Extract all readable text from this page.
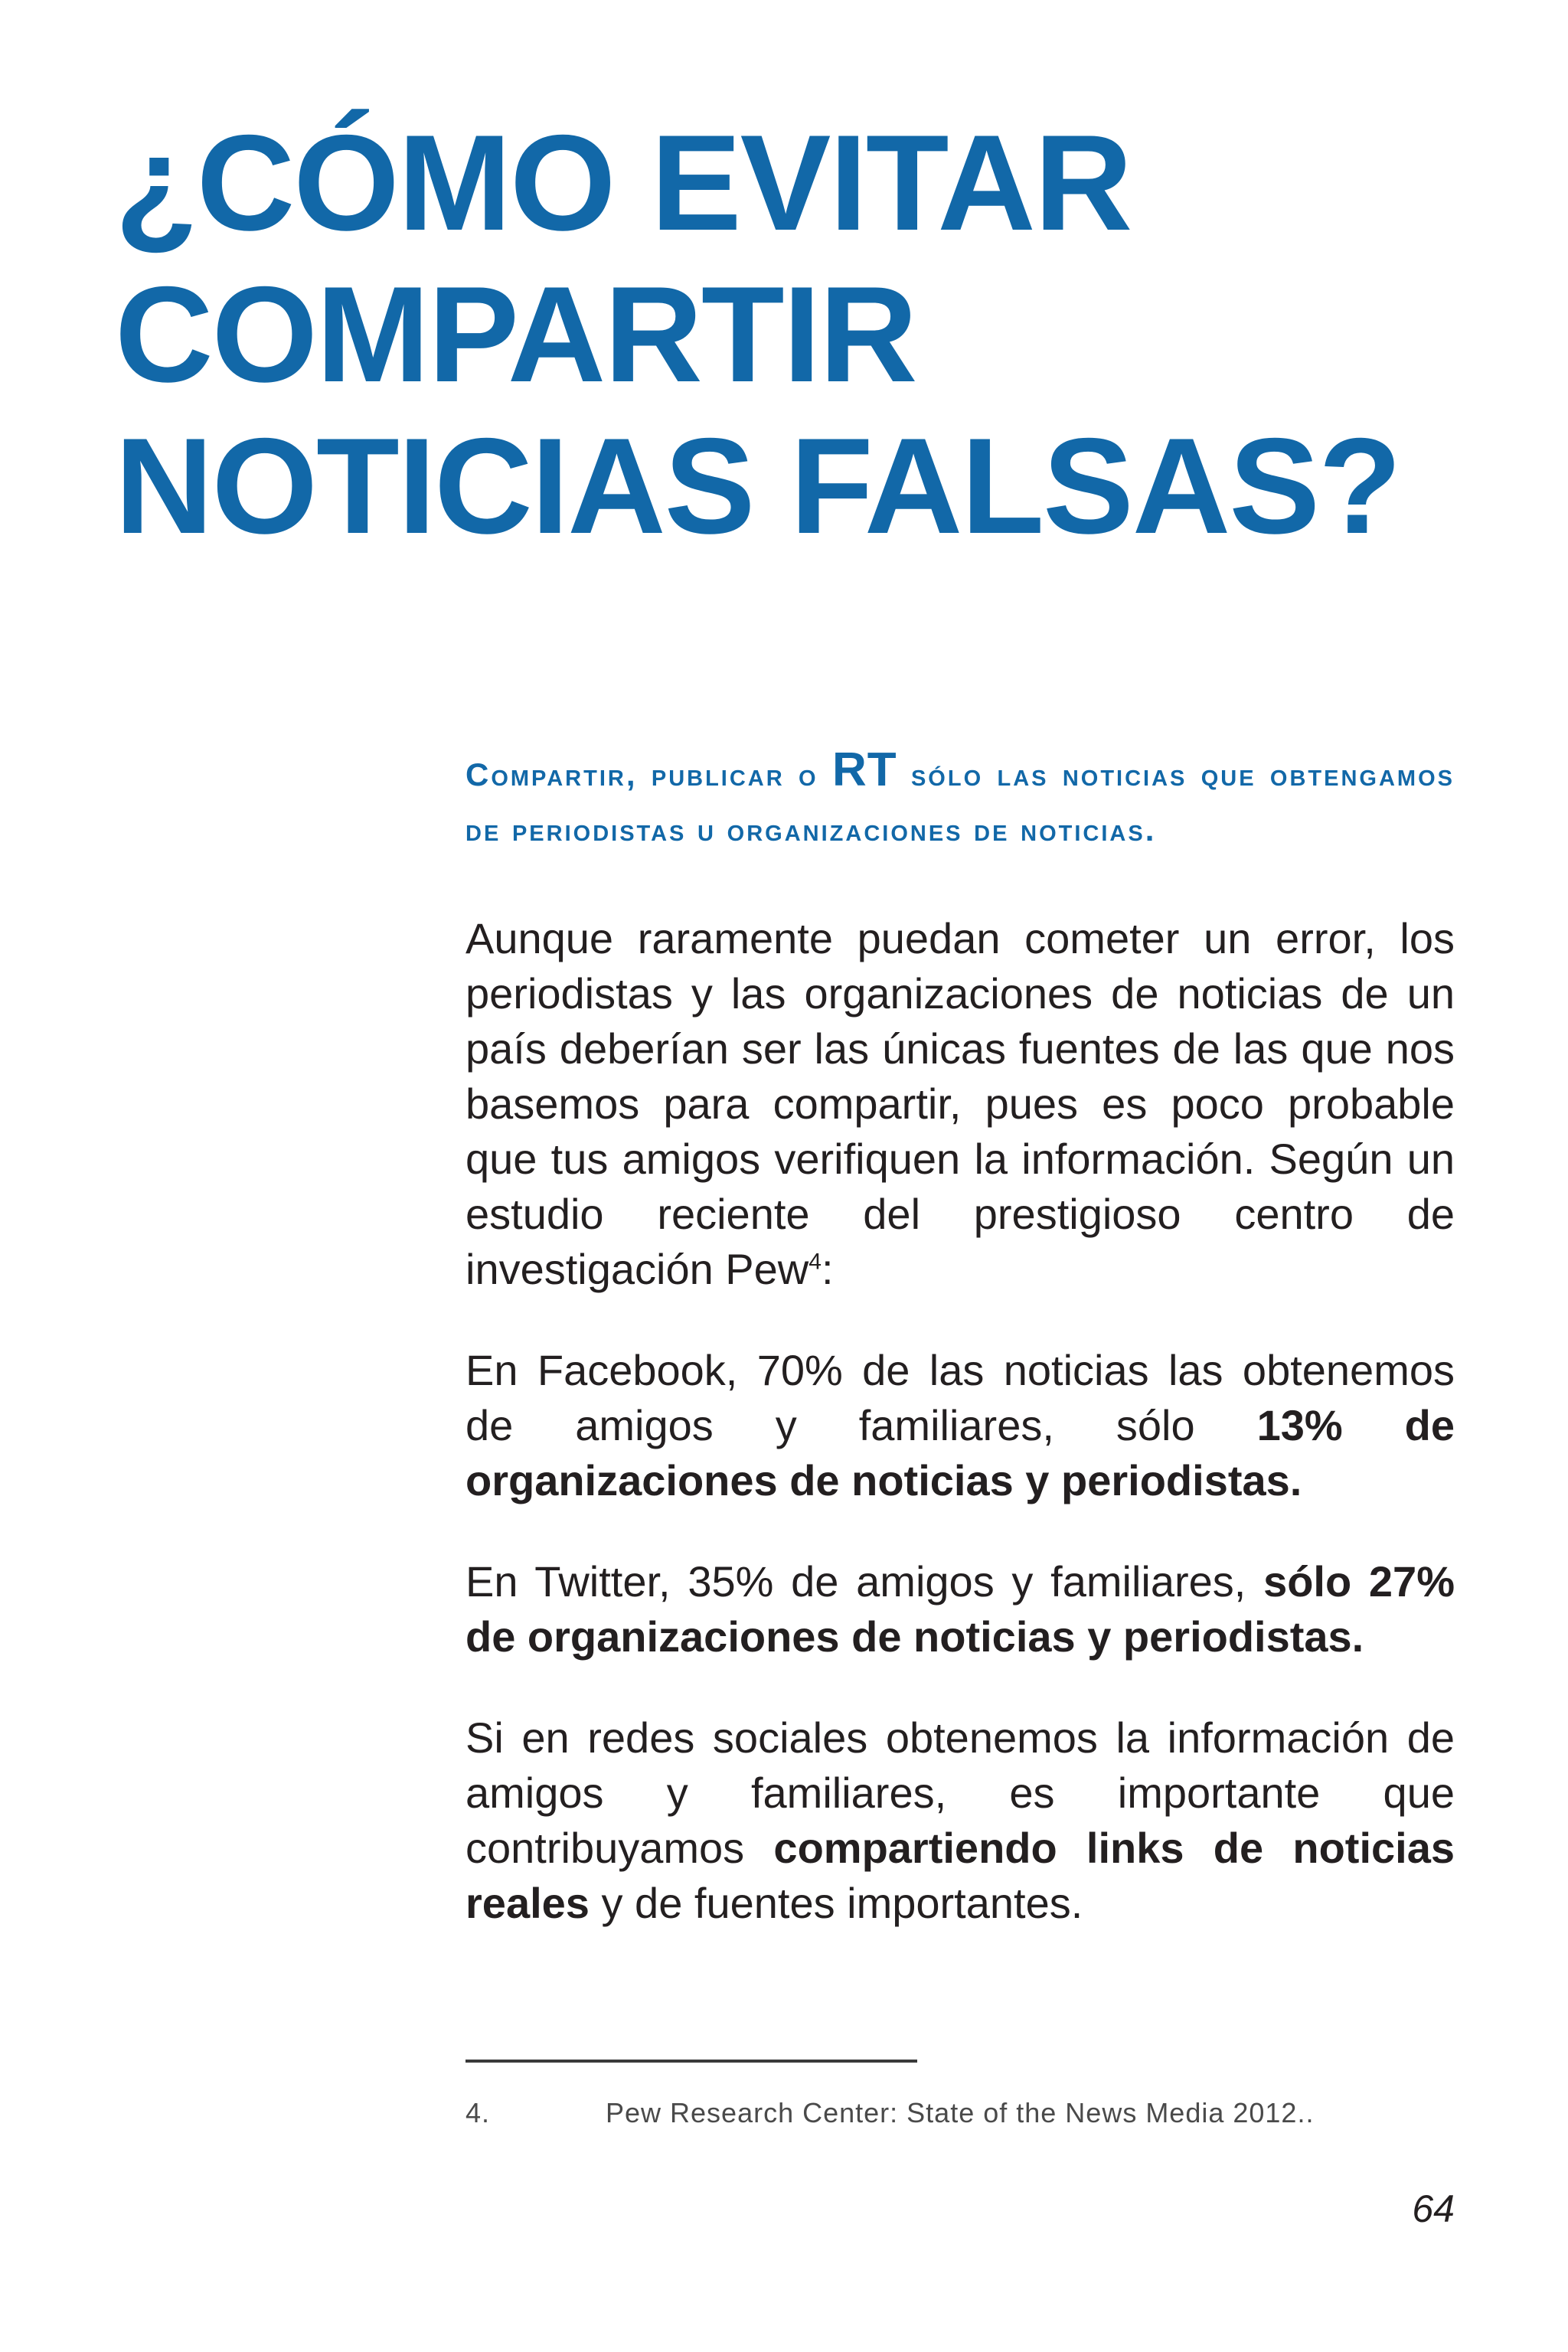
¿CÓMO EVITAR
COMPARTIR
NOTICIAS FALSAS?
Compartir, publicar o RT sólo las noticias que obtengamos de periodistas u organizaciones de noticias.

Aunque raramente puedan cometer un error, los periodistas y las organizaciones de noticias de un país deberían ser las únicas fuentes de las que nos basemos para compartir, pues es poco probable que tus amigos verifiquen la información. Según un estudio reciente del prestigioso centro de investigación Pew$^4$:

En Facebook, 70% de las noticias las obtenemos de amigos y familiares, sólo 13% de organizaciones de noticias y periodistas.

En Twitter, 35% de amigos y familiares, sólo 27% de organizaciones de noticias y periodistas.

Si en redes sociales obtenemos la información de amigos y familiares, es importante que contribuyamos compartiendo links de noticias reales y de fuentes importantes.

4.	Pew Research Center: State of the News Media 2012..
64
